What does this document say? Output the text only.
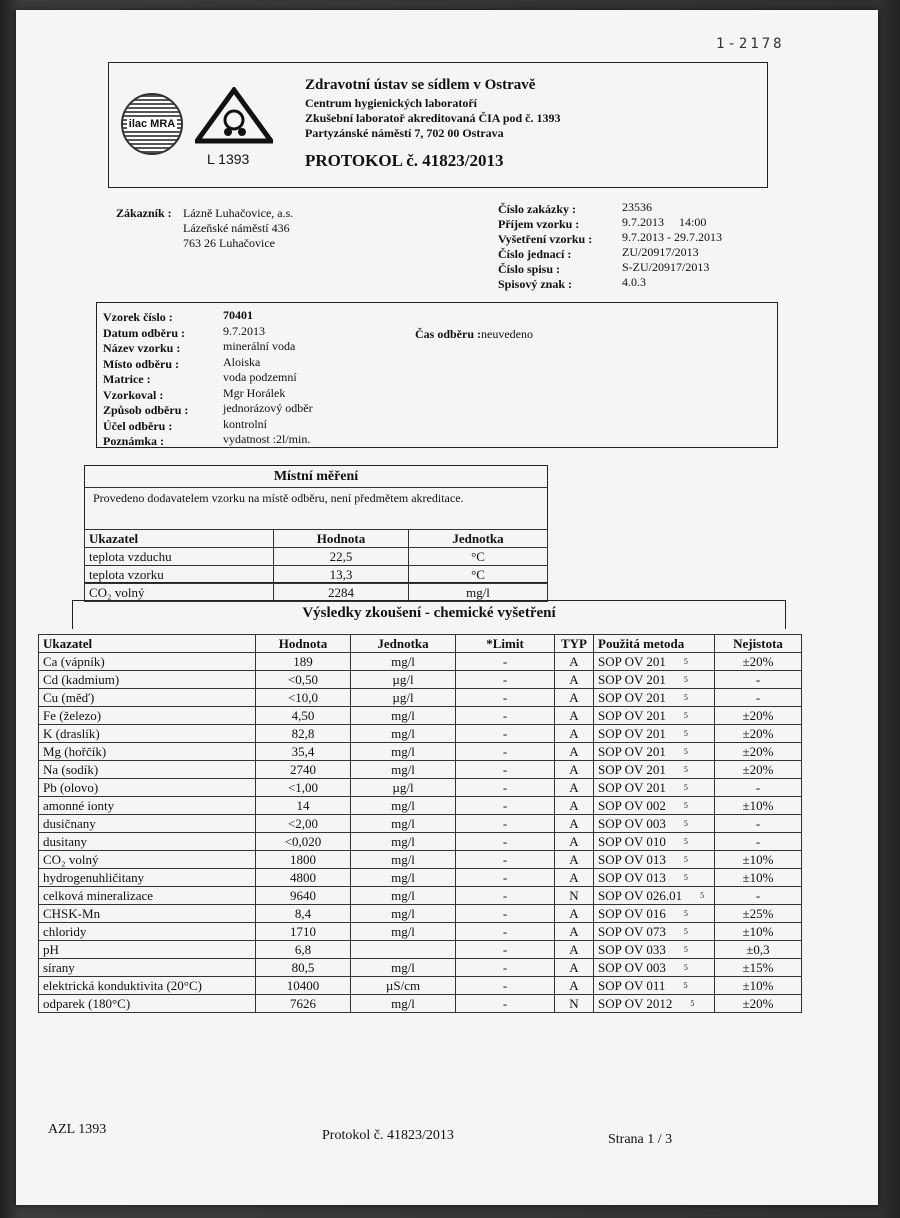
1-2178
ilac MRA
L 1393
Zdravotní ústav se sídlem v Ostravě
Centrum hygienických laboratoří
Zkušební laboratoř akreditovaná ČIA pod č. 1393
Partyzánské náměstí 7, 702 00 Ostrava
PROTOKOL č. 41823/2013
Zákazník : Lázně Luhačovice, a.s.
Lázeňské náměstí 436
763 26 Luhačovice
Číslo zakázky :	23536
Příjem vzorku :	9.7.2013     14:00
Vyšetření vzorku : 9.7.2013 - 29.7.2013
Číslo jednací :	ZU/20917/2013
Číslo spisu :	S-ZU/20917/2013
Spisový znak :	4.0.3
Vzorek číslo :	70401
Datum odběru :	9.7.2013
Název vzorku :	minerální voda
Místo odběru :	Aloiska
Matrice :	voda podzemní
Vzorkoval :	Mgr Horálek
Způsob odběru :	jednorázový odběr
Účel odběru :	kontrolní
Poznámka :	vydatnost :2l/min.
Čas odběru :neuvedeno
Místní měření
Provedeno dodavatelem vzorku na místě odběru, není předmětem akreditace.
Ukazatel	Hodnota	Jednotka
teplota vzduchu	22,5	°C
teplota vzorku	13,3	°C
CO₂ volný	2284	mg/l
Výsledky zkoušení - chemické vyšetření
Ukazatel	Hodnota	Jednotka	*Limit	TYP	Použitá metoda	Nejistota
Ca (vápník)	189	mg/l	-	A	SOP OV 201 $^5$	±20%
Cd (kadmium)	<0,50	µg/l	-	A	SOP OV 201 $^5$	-
Cu (měď)	<10,0	µg/l	-	A	SOP OV 201 $^5$	-
Fe (železo)	4,50	mg/l	-	A	SOP OV 201 $^5$	±20%
K (draslík)	82,8	mg/l	-	A	SOP OV 201 $^5$	±20%
Mg (hořčík)	35,4	mg/l	-	A	SOP OV 201 $^5$	±20%
Na (sodík)	2740	mg/l	-	A	SOP OV 201 $^5$	±20%
Pb (olovo)	<1,00	µg/l	-	A	SOP OV 201 $^5$	-
amonné ionty	14	mg/l	-	A	SOP OV 002 $^5$	±10%
dusičnany	<2,00	mg/l	-	A	SOP OV 003 $^5$	-
dusitany	<0,020	mg/l	-	A	SOP OV 010 $^5$	-
CO₂ volný	1800	mg/l	-	A	SOP OV 013 $^5$	±10%
hydrogenuhličitany	4800	mg/l	-	A	SOP OV 013 $^5$	±10%
celková mineralizace	9640	mg/l	-	N	SOP OV 026.01 $^5$	-
CHSK-Mn	8,4	mg/l	-	A	SOP OV 016 $^5$	±25%
chloridy	1710	mg/l	-	A	SOP OV 073 $^5$	±10%
pH	6,8		-	A	SOP OV 033 $^5$	±0,3
sírany	80,5	mg/l	-	A	SOP OV 003 $^5$	±15%
elektrická konduktivita (20°C)	10400	µS/cm	-	A	SOP OV 011 $^5$	±10%
odparek (180°C)	7626	mg/l	-	N	SOP OV 2012 $^5$	±20%
AZL 1393	Protokol č. 41823/2013	Strana 1 / 3
